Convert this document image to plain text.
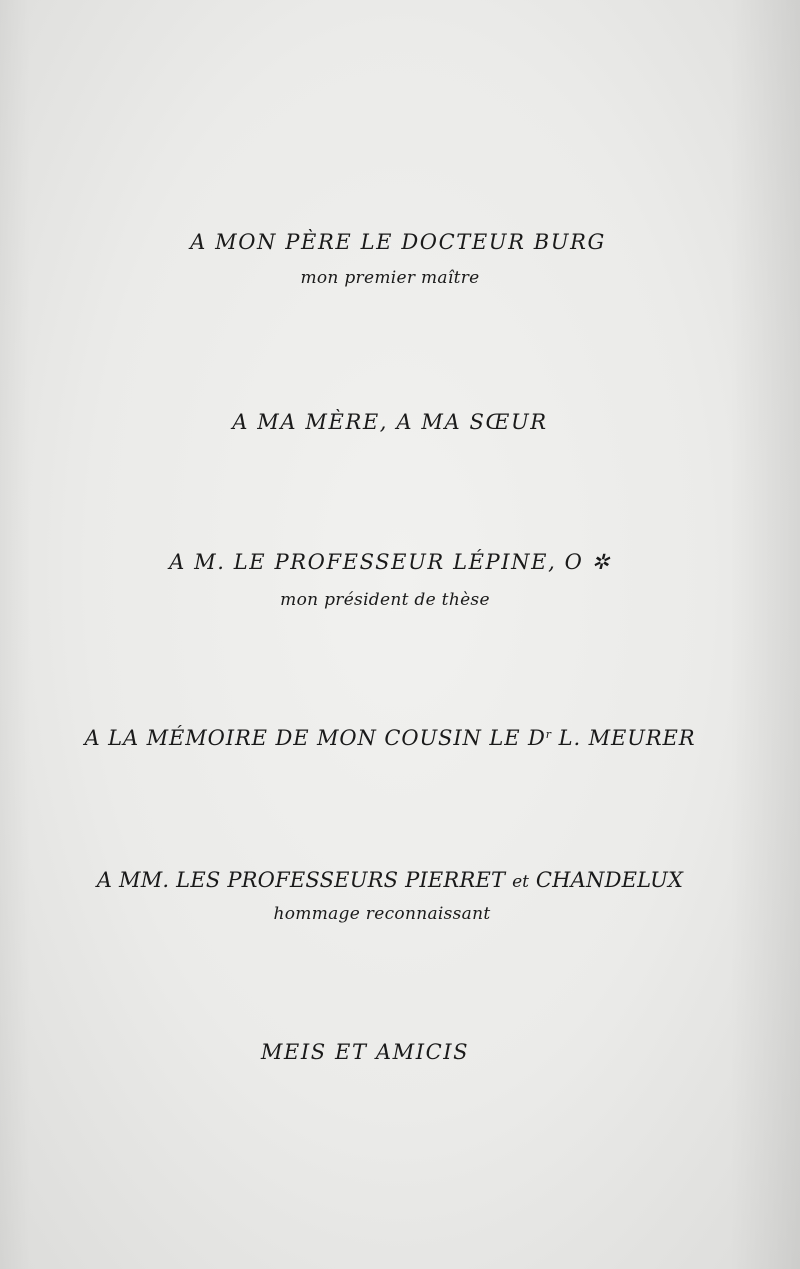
A MON PÈRE LE DOCTEUR BURG
mon premier maître
A MA MÈRE, A MA SŒUR
A M. LE PROFESSEUR LÉPINE, O ✲
mon président de thèse
A LA MÉMOIRE DE MON COUSIN LE $D^r$ L. MEURER
A MM. LES PROFESSEURS PIERRET et CHANDELUX
hommage reconnaissant
MEIS ET AMICIS
